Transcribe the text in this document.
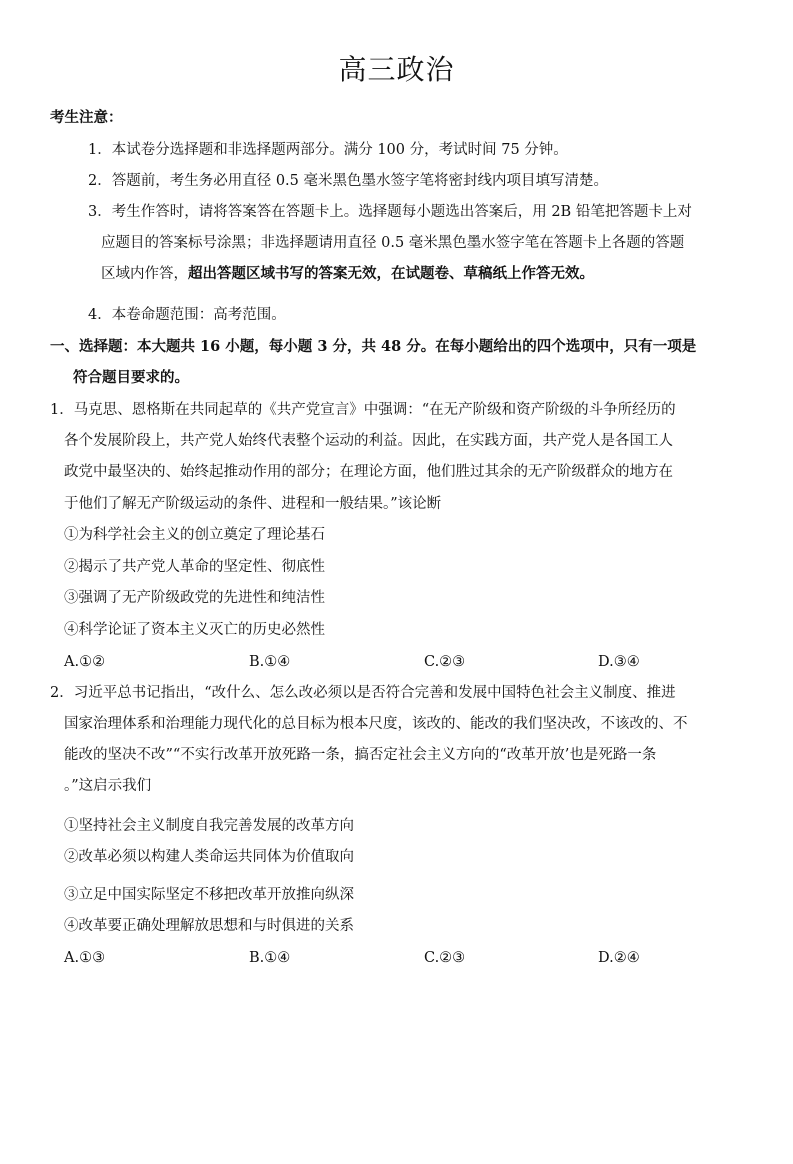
高三政治
考生注意：
1．本试卷分选择题和非选择题两部分。满分 100 分，考试时间 75 分钟。
2．答题前，考生务必用直径 0.5 毫米黑色墨水签字笔将密封线内项目填写清楚。
3．考生作答时，请将答案答在答题卡上。选择题每小题选出答案后，用 2B 铅笔把答题卡上对
应题目的答案标号涂黑；非选择题请用直径 0.5 毫米黑色墨水签字笔在答题卡上各题的答题
区域内作答，超出答题区域书写的答案无效，在试题卷、草稿纸上作答无效。
4．本卷命题范围：高考范围。
一、选择题：本大题共 16 小题，每小题 3 分，共 48 分。在每小题给出的四个选项中，只有一项是
符合题目要求的。
1．马克思、恩格斯在共同起草的《共产党宣言》中强调：“在无产阶级和资产阶级的斗争所经历的
各个发展阶段上，共产党人始终代表整个运动的利益。因此，在实践方面，共产党人是各国工人
政党中最坚决的、始终起推动作用的部分；在理论方面，他们胜过其余的无产阶级群众的地方在
于他们了解无产阶级运动的条件、进程和一般结果。”该论断
①为科学社会主义的创立奠定了理论基石
②揭示了共产党人革命的坚定性、彻底性
③强调了无产阶级政党的先进性和纯洁性
④科学论证了资本主义灭亡的历史必然性
A.①②	B.①④	C.②③	D.③④
2．习近平总书记指出，“改什么、怎么改必须以是否符合完善和发展中国特色社会主义制度、推进
国家治理体系和治理能力现代化的总目标为根本尺度，该改的、能改的我们坚决改，不该改的、不
能改的坚决不改”“不实行改革开放死路一条，搞否定社会主义方向的“改革开放’也是死路一条
。”这启示我们
①坚持社会主义制度自我完善发展的改革方向
②改革必须以构建人类命运共同体为价值取向
③立足中国实际坚定不移把改革开放推向纵深
④改革要正确处理解放思想和与时俱进的关系
A.①③	B.①④	C.②③	D.②④
